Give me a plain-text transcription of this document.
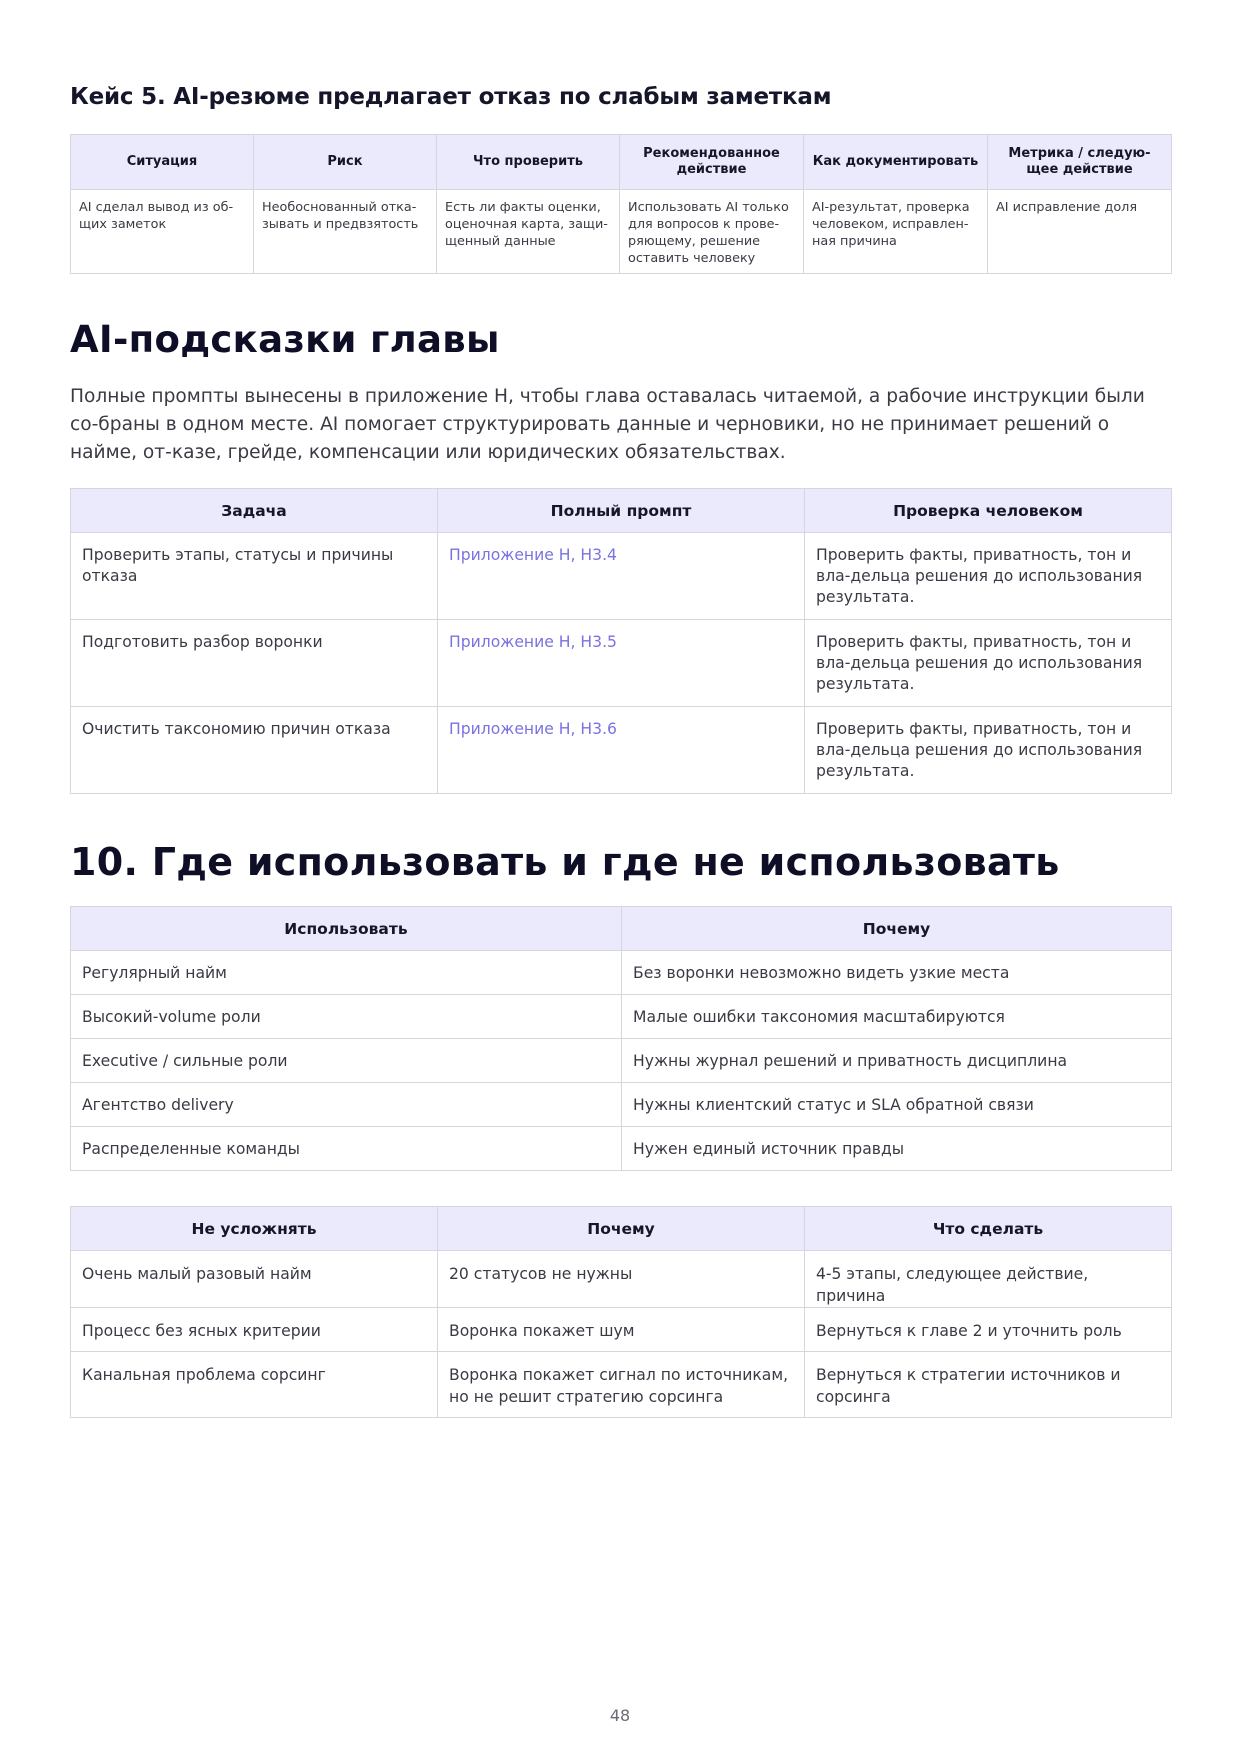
Кейс 5. AI-резюме предлагает отказ по слабым заметкам
Ситуация	Риск	Что проверить	Рекомендованное действие	Как документировать	Метрика / следую-щее действие
AI сделал вывод из об-щих заметок	Необоснованный отка-зывать и предвзятость	Есть ли факты оценки, оценочная карта, защи-щенный данные	Использовать AI только для вопросов к прове-ряющему, решение оставить человеку	AI-результат, проверка человеком, исправлен-ная причина	AI исправление доля
AI-подсказки главы

Полные промпты вынесены в приложение H, чтобы глава оставалась читаемой, а рабочие инструкции были со-браны в одном месте. AI помогает структурировать данные и черновики, но не принимает решений о найме, от-казе, грейде, компенсации или юридических обязательствах.

Задача	Полный промпт	Проверка человеком
Проверить этапы, статусы и причины отказа	Приложение H, H3.4	Проверить факты, приватность, тон и вла-дельца решения до использования результата.
Подготовить разбор воронки	Приложение H, H3.5	Проверить факты, приватность, тон и вла-дельца решения до использования результата.
Очистить таксономию причин отказа	Приложение H, H3.6	Проверить факты, приватность, тон и вла-дельца решения до использования результата.
10. Где использовать и где не использовать
Использовать	Почему
Регулярный найм	Без воронки невозможно видеть узкие места
Высокий-volume роли	Малые ошибки таксономия масштабируются
Executive / сильные роли	Нужны журнал решений и приватность дисциплина
Агентство delivery	Нужны клиентский статус и SLA обратной связи
Распределенные команды	Нужен единый источник правды
Не усложнять	Почему	Что сделать
Очень малый разовый найм	20 статусов не нужны	4-5 этапы, следующее действие, причина
Процесс без ясных критерии	Воронка покажет шум	Вернуться к главе 2 и уточнить роль
Канальная проблема сорсинг	Воронка покажет сигнал по источникам, но не решит стратегию сорсинга	Вернуться к стратегии источников и сорсинга
48
